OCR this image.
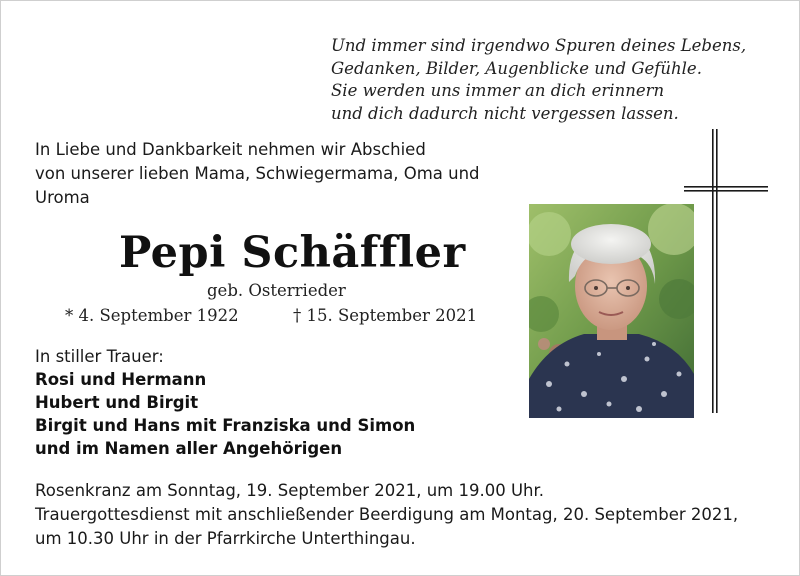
Und immer sind irgendwo Spuren deines Lebens,
Gedanken, Bilder, Augenblicke und Gefühle.
Sie werden uns immer an dich erinnern
und dich dadurch nicht vergessen lassen.
In Liebe und Dankbarkeit nehmen wir Abschied
von unserer lieben Mama, Schwiegermama, Oma und
Uroma
Pepi Schäffler
geb. Osterrieder
* 4. September 1922	† 15. September 2021
In stiller Trauer:
Rosi und Hermann
Hubert und Birgit
Birgit und Hans mit Franziska und Simon
und im Namen aller Angehörigen
Rosenkranz am Sonntag, 19. September 2021, um 19.00 Uhr.
Trauergottesdienst mit anschließender Beerdigung am Montag, 20. September 2021,
um 10.30 Uhr in der Pfarrkirche Unterthingau.
